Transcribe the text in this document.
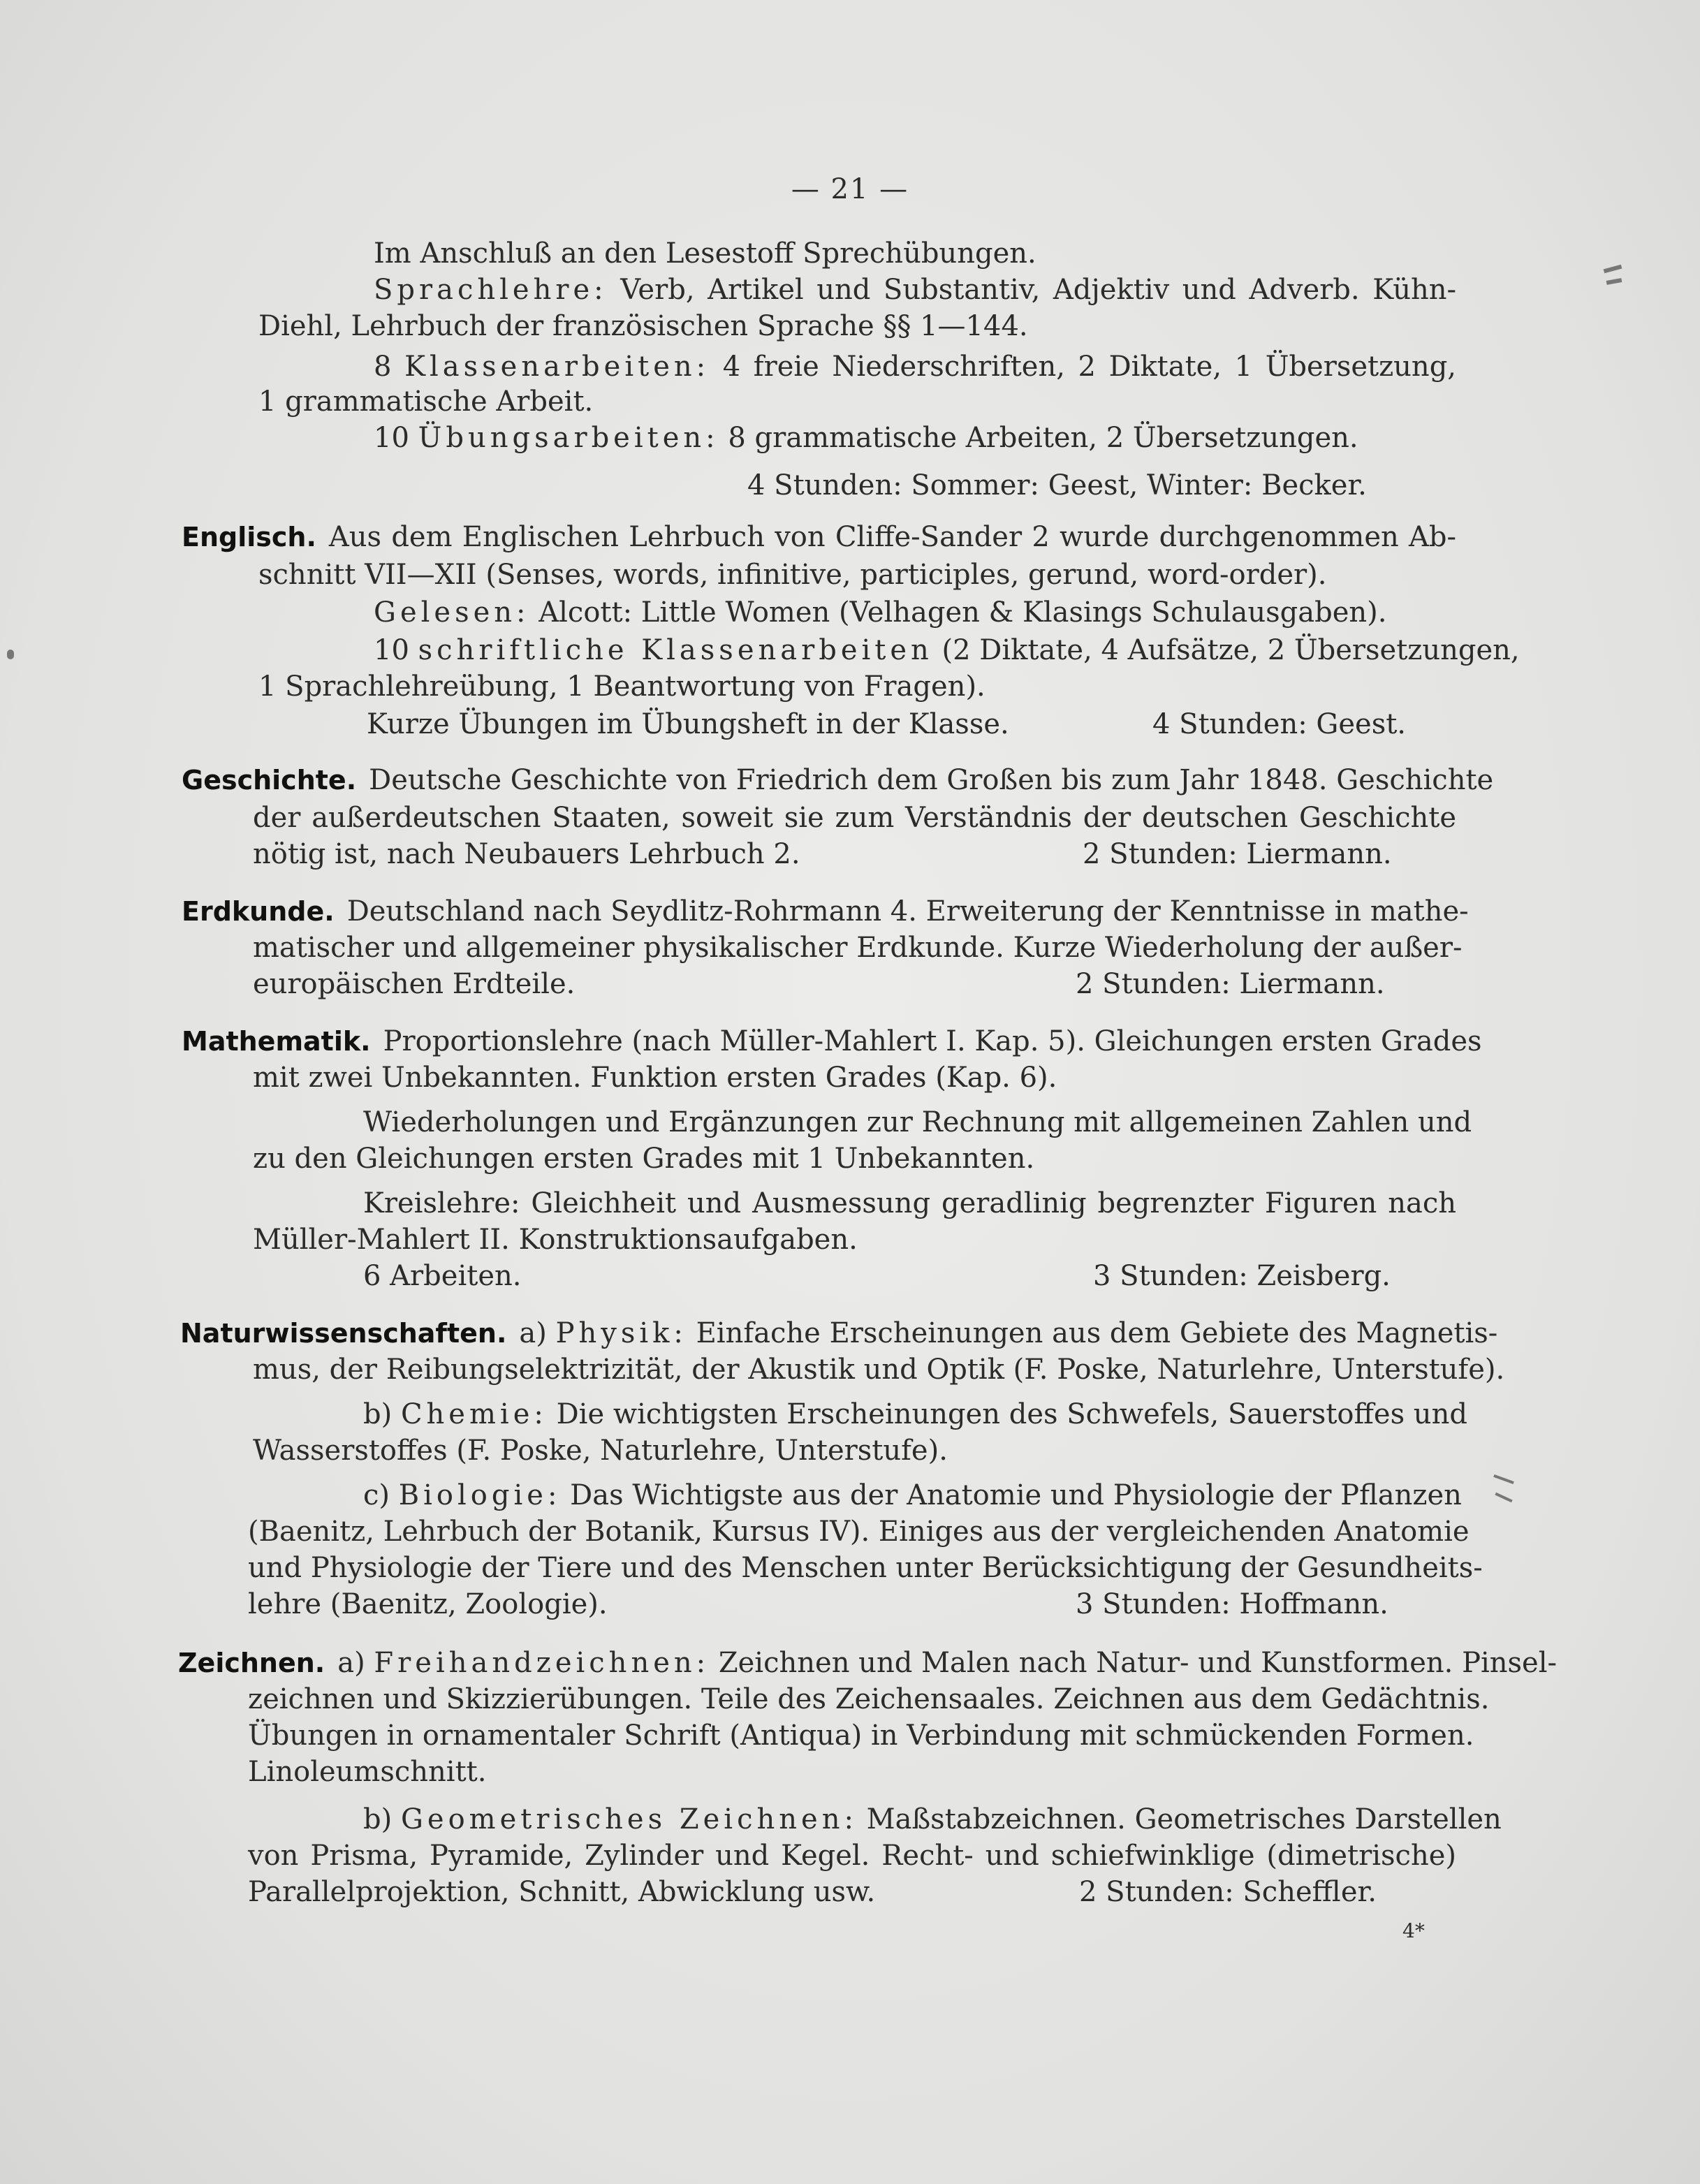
— 21 —
Im Anschluß an den Lesestoff Sprechübungen.
Sprachlehre: Verb, Artikel und Substantiv, Adjektiv und Adverb. Kühn-
Diehl, Lehrbuch der französischen Sprache §§ 1—144.
8 Klassenarbeiten: 4 freie Niederschriften, 2 Diktate, 1 Übersetzung,
1 grammatische Arbeit.
10 Übungsarbeiten: 8 grammatische Arbeiten, 2 Übersetzungen.
4 Stunden: Sommer: Geest, Winter: Becker.
Englisch. Aus dem Englischen Lehrbuch von Cliffe-Sander 2 wurde durchgenommen Ab-
schnitt VII—XII (Senses, words, infinitive, participles, gerund, word-order).
Gelesen: Alcott: Little Women (Velhagen & Klasings Schulausgaben).
10 schriftliche Klassenarbeiten (2 Diktate, 4 Aufsätze, 2 Übersetzungen,
1 Sprachlehreübung, 1 Beantwortung von Fragen).
Kurze Übungen im Übungsheft in der Klasse.	4 Stunden: Geest.
Geschichte. Deutsche Geschichte von Friedrich dem Großen bis zum Jahr 1848. Geschichte
der außerdeutschen Staaten, soweit sie zum Verständnis der deutschen Geschichte
nötig ist, nach Neubauers Lehrbuch 2.	2 Stunden: Liermann.
Erdkunde. Deutschland nach Seydlitz-Rohrmann 4. Erweiterung der Kenntnisse in mathe-
matischer und allgemeiner physikalischer Erdkunde. Kurze Wiederholung der außer-
europäischen Erdteile.	2 Stunden: Liermann.
Mathematik. Proportionslehre (nach Müller-Mahlert I. Kap. 5). Gleichungen ersten Grades
mit zwei Unbekannten. Funktion ersten Grades (Kap. 6).
Wiederholungen und Ergänzungen zur Rechnung mit allgemeinen Zahlen und
zu den Gleichungen ersten Grades mit 1 Unbekannten.
Kreislehre: Gleichheit und Ausmessung geradlinig begrenzter Figuren nach
Müller-Mahlert II. Konstruktionsaufgaben.
6 Arbeiten.	3 Stunden: Zeisberg.
Naturwissenschaften. a) Physik: Einfache Erscheinungen aus dem Gebiete des Magnetis-
mus, der Reibungselektrizität, der Akustik und Optik (F. Poske, Naturlehre, Unterstufe).
b) Chemie: Die wichtigsten Erscheinungen des Schwefels, Sauerstoffes und
Wasserstoffes (F. Poske, Naturlehre, Unterstufe).
c) Biologie: Das Wichtigste aus der Anatomie und Physiologie der Pflanzen
(Baenitz, Lehrbuch der Botanik, Kursus IV). Einiges aus der vergleichenden Anatomie
und Physiologie der Tiere und des Menschen unter Berücksichtigung der Gesundheits-
lehre (Baenitz, Zoologie).	3 Stunden: Hoffmann.
Zeichnen. a) Freihandzeichnen: Zeichnen und Malen nach Natur- und Kunstformen. Pinsel-
zeichnen und Skizzierübungen. Teile des Zeichensaales. Zeichnen aus dem Gedächtnis.
Übungen in ornamentaler Schrift (Antiqua) in Verbindung mit schmückenden Formen.
Linoleumschnitt.
b) Geometrisches Zeichnen: Maßstabzeichnen. Geometrisches Darstellen
von Prisma, Pyramide, Zylinder und Kegel. Recht- und schiefwinklige (dimetrische)
Parallelprojektion, Schnitt, Abwicklung usw.	2 Stunden: Scheffler.
4*
